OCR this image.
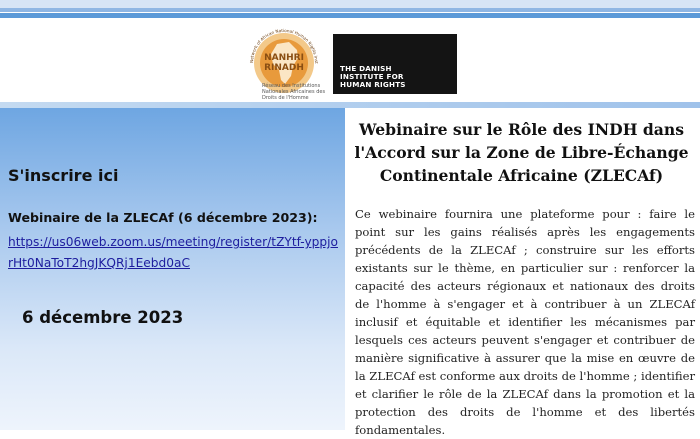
Network of African National Human Rights Inst
NANHRI
RINADH
Réseau des Institutions Nationales Africaines des Droits de l'Homme

THE DANISH
INSTITUTE FOR
HUMAN RIGHTS

S'inscrire ici

Webinaire de la ZLECAf (6 décembre 2023):

https://us06web.zoom.us/meeting/register/tZYtf-yppjorHt0NaToT2hgJKQRj1Eebd0aC

6 décembre 2023

Webinaire sur le Rôle des INDH dans l'Accord sur la Zone de Libre-Échange Continentale Africaine (ZLECAf)

Ce webinaire fournira une plateforme pour : faire le point sur les gains réalisés après les engagements précédents de la ZLECAf ; construire sur les efforts existants sur le thème, en particulier sur : renforcer la capacité des acteurs régionaux et nationaux des droits de l'homme à s'engager et à contribuer à un ZLECAf inclusif et équitable et identifier les mécanismes par lesquels ces acteurs peuvent s'engager et contribuer de manière significative à assurer que la mise en œuvre de la ZLECAf est conforme aux droits de l'homme ; identifier et clarifier le rôle de la ZLECAf dans la promotion et la protection des droits de l'homme et des libertés fondamentales.
